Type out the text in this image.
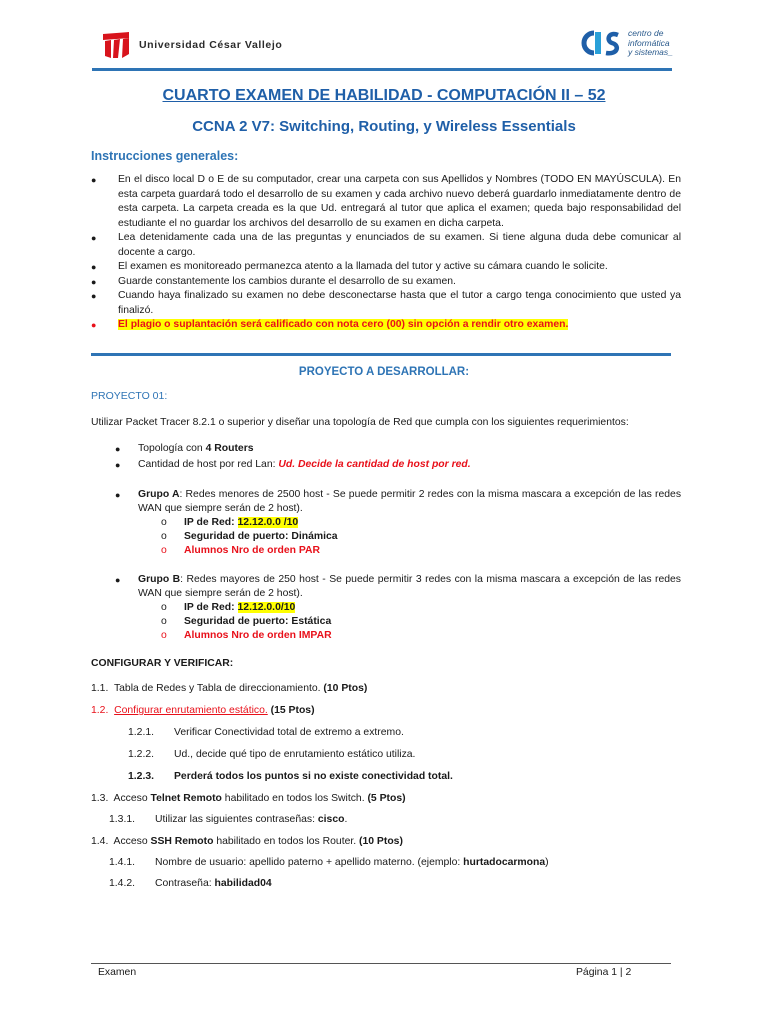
Universidad César Vallejo
centro de
informática
y sistemas_
CUARTO EXAMEN DE HABILIDAD - COMPUTACIÓN II – 52
CCNA 2 V7: Switching, Routing, y Wireless Essentials
Instrucciones generales:
● En el disco local D o E de su computador, crear una carpeta con sus Apellidos y Nombres (TODO EN MAYÚSCULA). En esta carpeta guardará todo el desarrollo de su examen y cada archivo nuevo deberá guardarlo inmediatamente dentro de esta carpeta. La carpeta creada es la que Ud. entregará al tutor que aplica el examen; queda bajo responsabilidad del estudiante el no guardar los archivos del desarrollo de su examen en dicha carpeta.
● Lea detenidamente cada una de las preguntas y enunciados de su examen. Si tiene alguna duda debe comunicar al docente a cargo.
● El examen es monitoreado permanezca atento a la llamada del tutor y active su cámara cuando le solicite.
● Guarde constantemente los cambios durante el desarrollo de su examen.
● Cuando haya finalizado su examen no debe desconectarse hasta que el tutor a cargo tenga conocimiento que usted ya finalizó.
● El plagio o suplantación será calificado con nota cero (00) sin opción a rendir otro examen.
PROYECTO A DESARROLLAR:
PROYECTO 01:
Utilizar Packet Tracer 8.2.1 o superior y diseñar una topología de Red que cumpla con los siguientes requerimientos:
● Topología con 4 Routers
● Cantidad de host por red Lan: Ud. Decide la cantidad de host por red.
● Grupo A: Redes menores de 2500 host - Se puede permitir 2 redes con la misma mascara a excepción de las redes WAN que siempre serán de 2 host).
o IP de Red: 12.12.0.0 /10
o Seguridad de puerto: Dinámica
o Alumnos Nro de orden PAR
● Grupo B: Redes mayores de 250 host - Se puede permitir 3 redes con la misma mascara a excepción de las redes WAN que siempre serán de 2 host).
o IP de Red: 12.12.0.0/10
o Seguridad de puerto: Estática
o Alumnos Nro de orden IMPAR
CONFIGURAR Y VERIFICAR:
1.1. Tabla de Redes y Tabla de direccionamiento. (10 Ptos)
1.2. Configurar enrutamiento estático. (15 Ptos)
1.2.1. Verificar Conectividad total de extremo a extremo.
1.2.2. Ud., decide qué tipo de enrutamiento estático utiliza.
1.2.3. Perderá todos los puntos si no existe conectividad total.
1.3. Acceso Telnet Remoto habilitado en todos los Switch. (5 Ptos)
1.3.1. Utilizar las siguientes contraseñas: cisco.
1.4. Acceso SSH Remoto habilitado en todos los Router. (10 Ptos)
1.4.1. Nombre de usuario: apellido paterno + apellido materno. (ejemplo: hurtadocarmona)
1.4.2. Contraseña: habilidad04
Examen	Página 1 | 2
